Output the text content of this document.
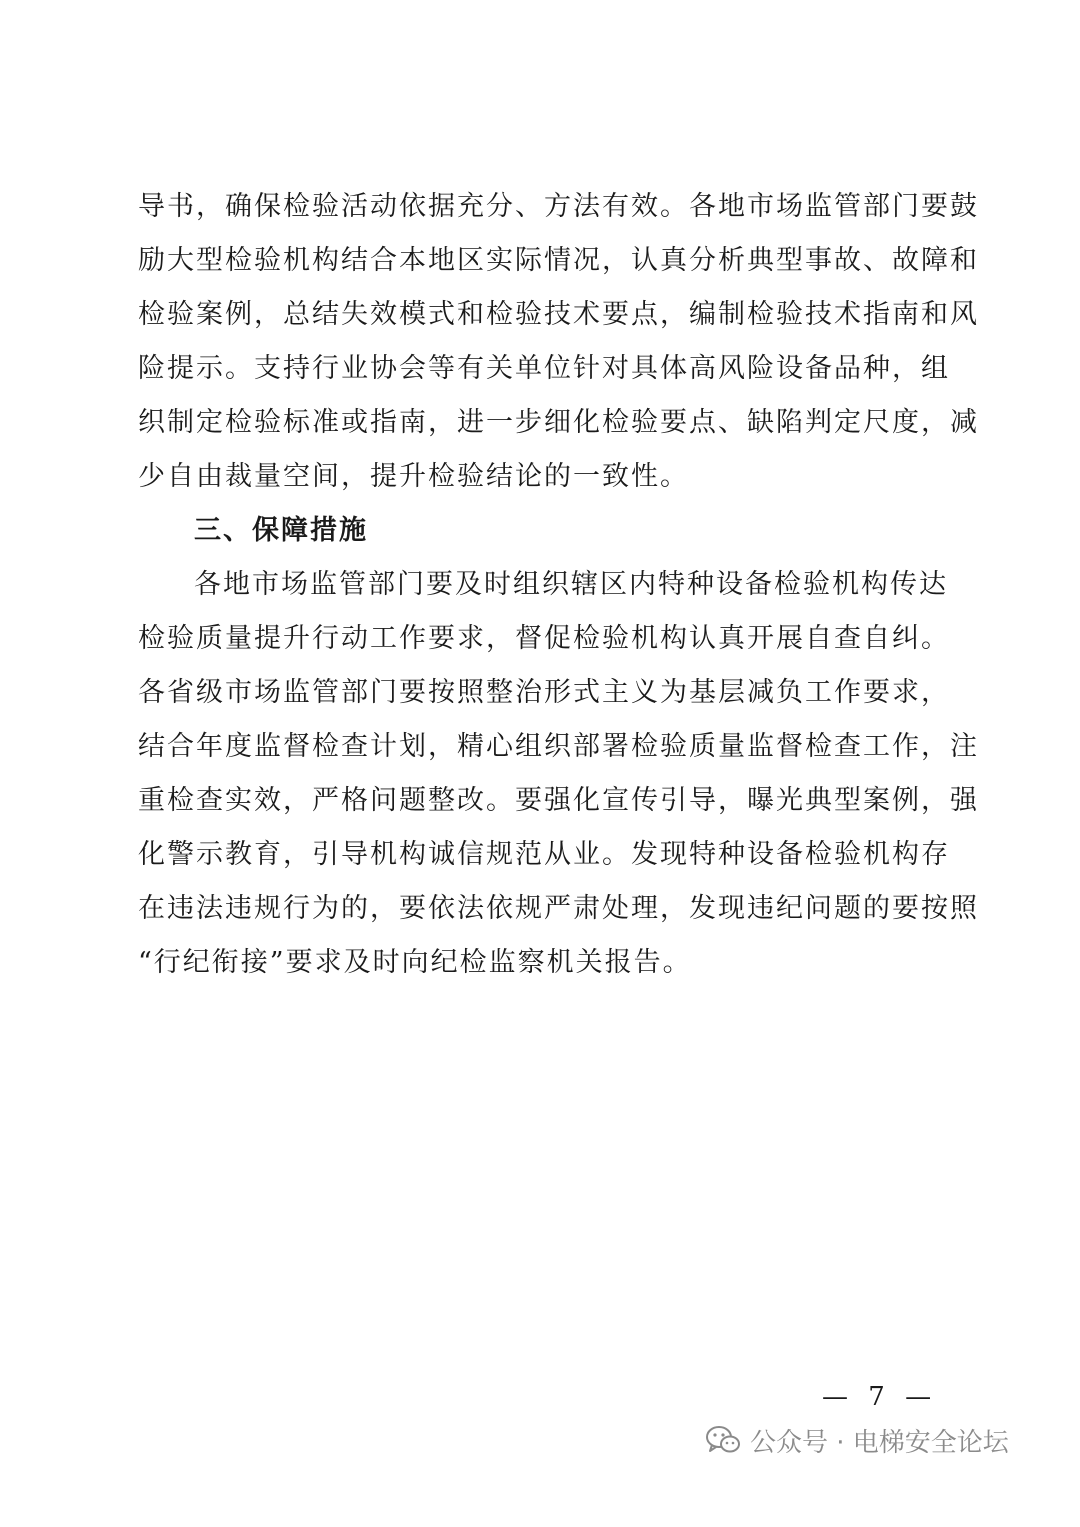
导书，确保检验活动依据充分、方法有效。各地市场监管部门要鼓
励大型检验机构结合本地区实际情况，认真分析典型事故、故障和
检验案例，总结失效模式和检验技术要点，编制检验技术指南和风
险提示。支持行业协会等有关单位针对具体高风险设备品种，组
织制定检验标准或指南，进一步细化检验要点、缺陷判定尺度，减
少自由裁量空间，提升检验结论的一致性。
三、保障措施
各地市场监管部门要及时组织辖区内特种设备检验机构传达
检验质量提升行动工作要求，督促检验机构认真开展自查自纠。
各省级市场监管部门要按照整治形式主义为基层减负工作要求，
结合年度监督检查计划，精心组织部署检验质量监督检查工作，注
重检查实效，严格问题整改。要强化宣传引导，曝光典型案例，强
化警示教育，引导机构诚信规范从业。发现特种设备检验机构存
在违法违规行为的，要依法依规严肃处理，发现违纪问题的要按照
“行纪衔接”要求及时向纪检监察机关报告。
— 7 —
公众号 · 电梯安全论坛
